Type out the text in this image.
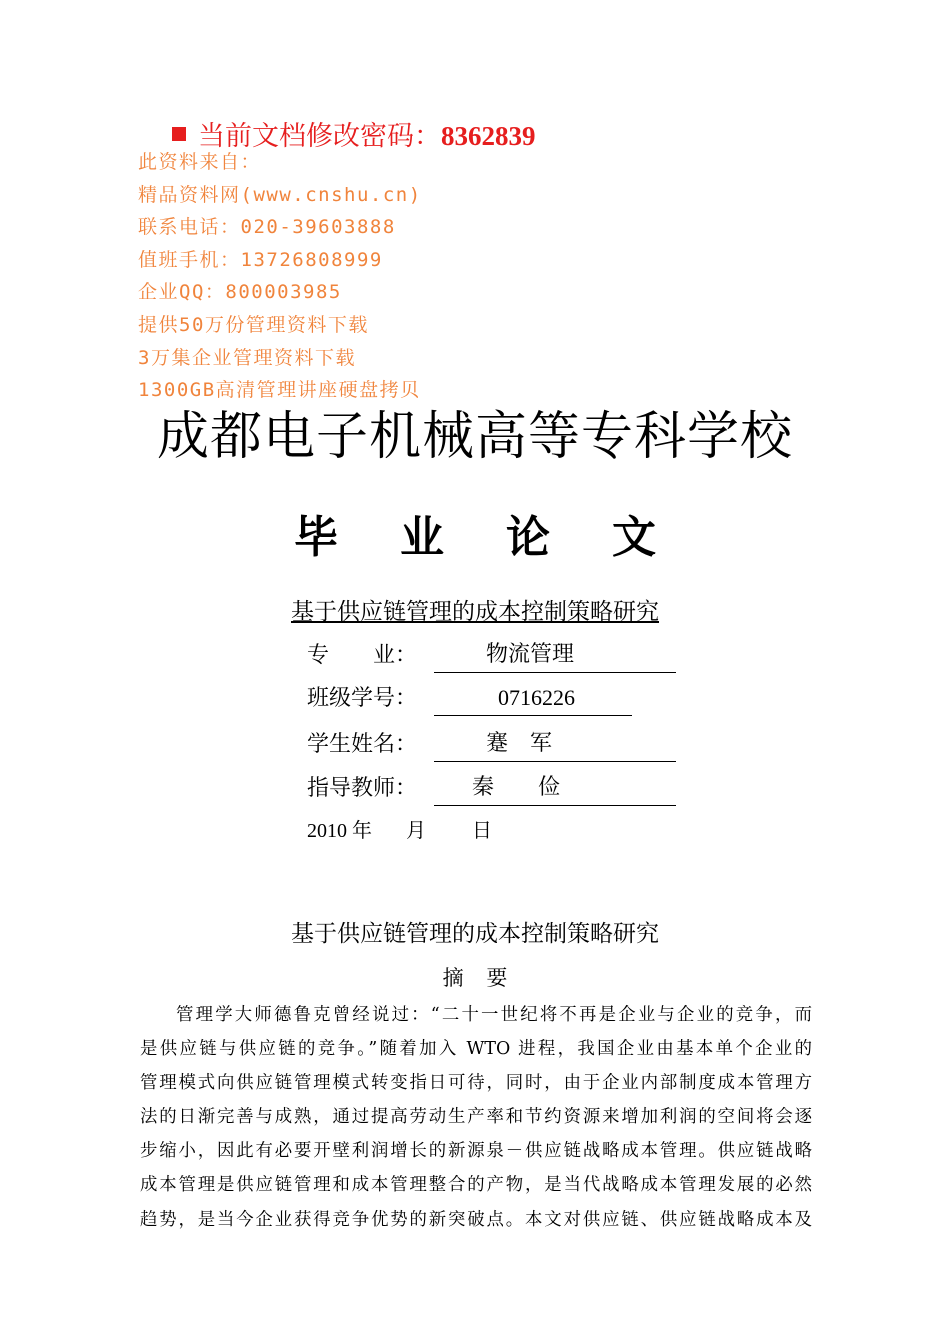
当前文档修改密码：8362839
此资料来自：
精品资料网(www.cnshu.cn)
联系电话：020-39603888
值班手机：13726808999
企业QQ：800003985
提供50万份管理资料下载
3万集企业管理资料下载
1300GB高清管理讲座硬盘拷贝
成都电子机械高等专科学校
毕业论文
基于供应链管理的成本控制策略研究
专　　业：	物流管理
班级学号：	0716226
学生姓名：	蹇　军
指导教师： 秦　　俭
2010 年 月 日
基于供应链管理的成本控制策略研究
摘 要
管理学大师德鲁克曾经说过：“二十一世纪将不再是企业与企业的竞争，而
是供应链与供应链的竞争。”随着加入 WTO 进程，我国企业由基本单个企业的
管理模式向供应链管理模式转变指日可待，同时，由于企业内部制度成本管理方
法的日渐完善与成熟，通过提高劳动生产率和节约资源来增加利润的空间将会逐
步缩小，因此有必要开壁利润增长的新源泉－供应链战略成本管理。供应链战略
成本管理是供应链管理和成本管理整合的产物，是当代战略成本管理发展的必然
趋势，是当今企业获得竞争优势的新突破点。本文对供应链、供应链战略成本及
